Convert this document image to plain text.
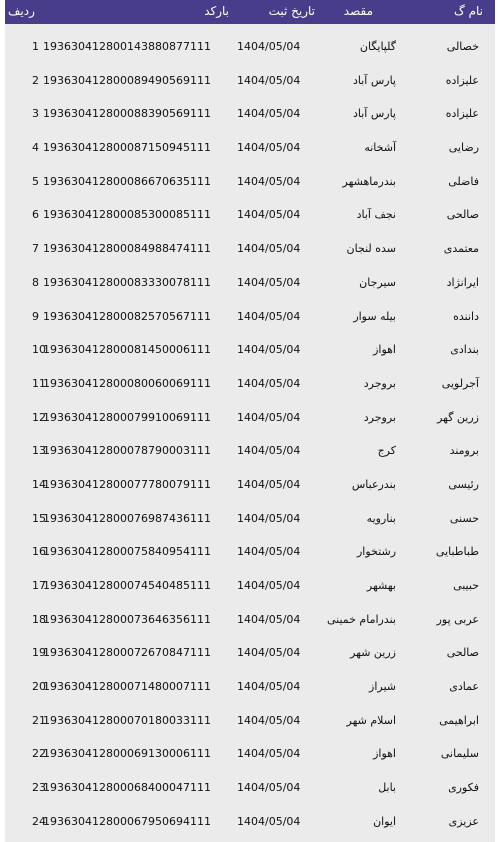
نام گ
مقصد
تاریخ ثبت
بارکد
ردیف
خصالی
گلپایگان
1404/05/04
193630412800143880877111
1
علیزاده
پارس آباد
1404/05/04
193630412800089490569111
2
علیزاده
پارس آباد
1404/05/04
193630412800088390569111
3
رضایی
آشخانه
1404/05/04
193630412800087150945111
4
فاضلی
بندرماهشهر
1404/05/04
193630412800086670635111
5
صالحی
نجف آباد
1404/05/04
193630412800085300085111
6
معتمدی
سده لنجان
1404/05/04
193630412800084988474111
7
ایرانژاد
سیرجان
1404/05/04
193630412800083330078111
8
داننده
بیله سوار
1404/05/04
193630412800082570567111
9
بندادی
اهواز
1404/05/04
193630412800081450006111
10
آجرلویی
بروجرد
1404/05/04
193630412800080060069111
11
زرین گهر
بروجرد
1404/05/04
193630412800079910069111
12
برومند
کرج
1404/05/04
193630412800078790003111
13
رئیسی
بندرعباس
1404/05/04
193630412800077780079111
14
حسنی
بنارویه
1404/05/04
193630412800076987436111
15
طباطبایی
رشتخوار
1404/05/04
193630412800075840954111
16
حبیبی
بهشهر
1404/05/04
193630412800074540485111
17
عربی پور
بندرامام خمینی
1404/05/04
193630412800073646356111
18
صالحی
زرین شهر
1404/05/04
193630412800072670847111
19
عمادی
شیراز
1404/05/04
193630412800071480007111
20
ابراهیمی
اسلام شهر
1404/05/04
193630412800070180033111
21
سلیمانی
اهواز
1404/05/04
193630412800069130006111
22
فکوری
بابل
1404/05/04
193630412800068400047111
23
عزیزی
ایوان
1404/05/04
193630412800067950694111
24
